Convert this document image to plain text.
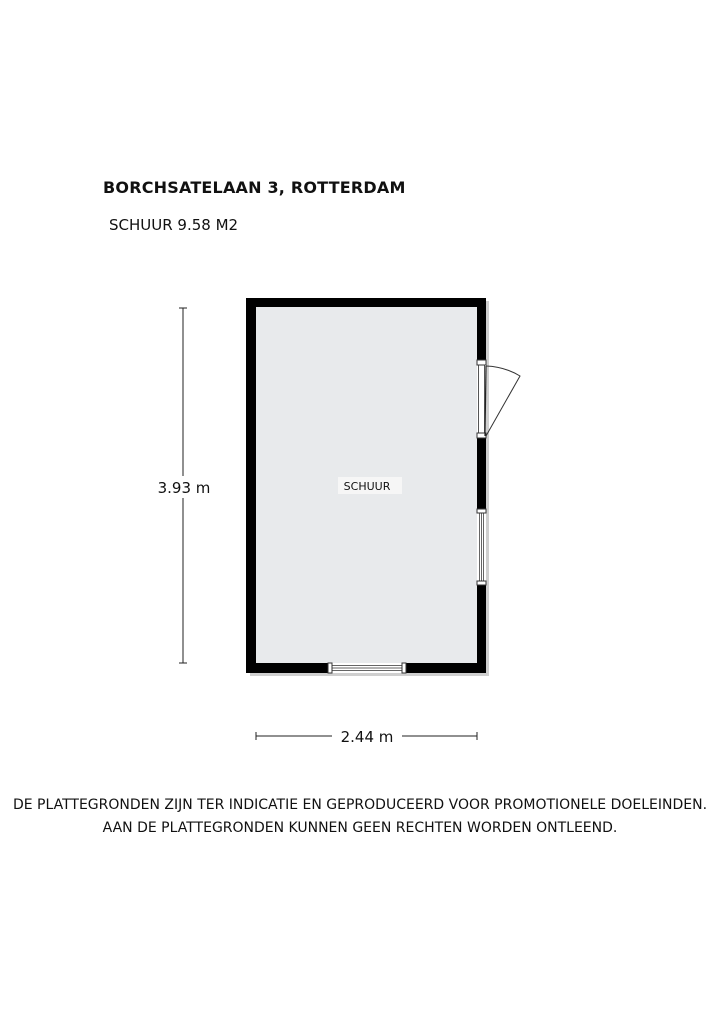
BORCHSATELAAN 3, ROTTERDAM
SCHUUR 9.58 M2
SCHUUR
3.93 m
2.44 m
DE PLATTEGRONDEN ZIJN TER INDICATIE EN GEPRODUCEERD VOOR PROMOTIONELE DOELEINDEN.
AAN DE PLATTEGRONDEN KUNNEN GEEN RECHTEN WORDEN ONTLEEND.
